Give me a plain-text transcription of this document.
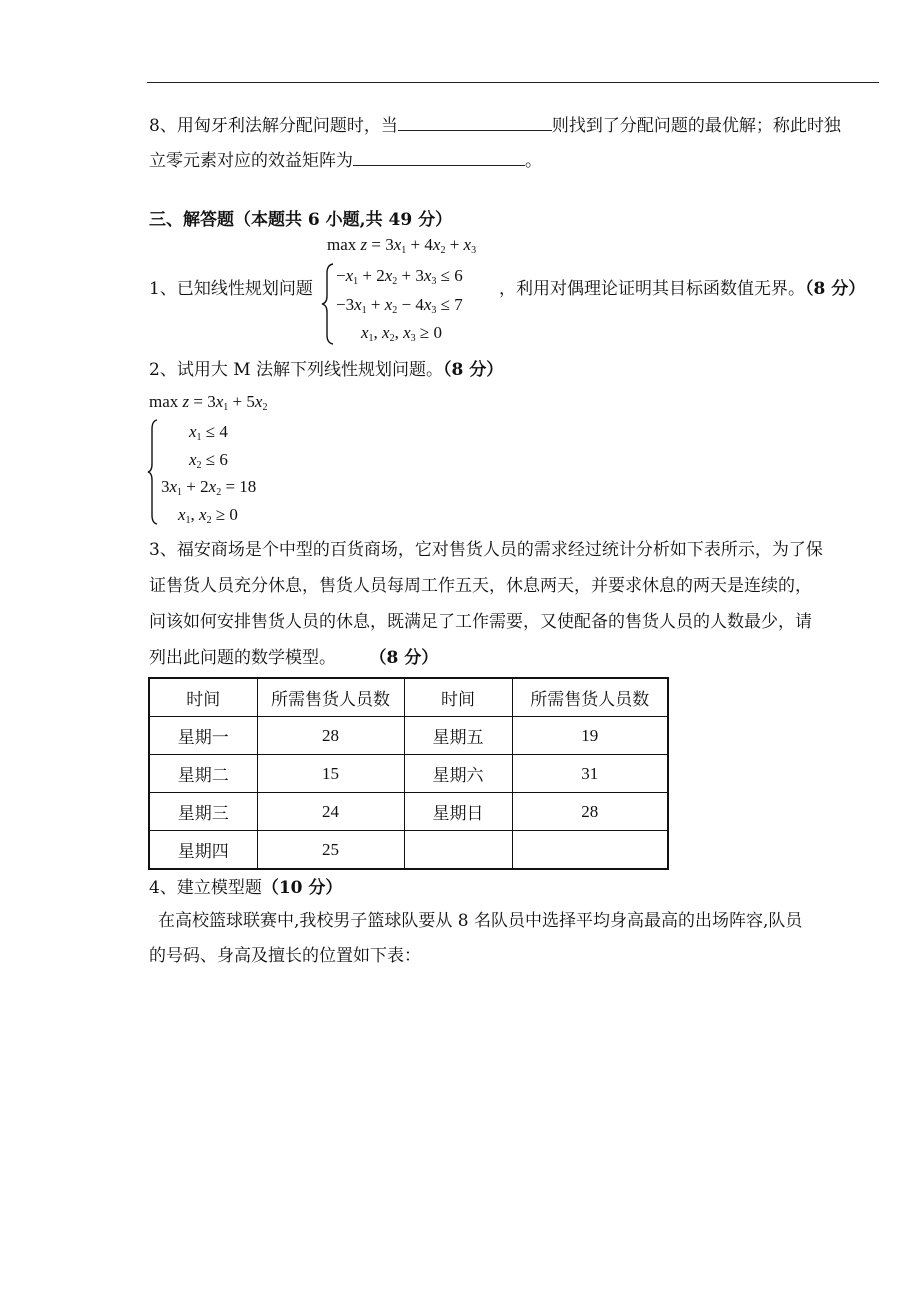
8、用匈牙利法解分配问题时，当	则找到了分配问题的最优解；称此时独
立零元素对应的效益矩阵为	。
三、解答题（本题共 6 小题,共 49 分）
$\max z = 3x_1 + 4x_2 + x_3$
1、已知线性规划问题
$-x_1 + 2x_2 + 3x_3 \le 6$
$-3x_1 + x_2 - 4x_3 \le 7$
$x_1$, $x_2$, $x_3 \ge 0$
，利用对偶理论证明其目标函数值无界。（8 分）
2、试用大 M 法解下列线性规划问题。（8 分）
$\max z = 3x_1 + 5x_2$
$x_1 \le 4$
$x_2 \le 6$
$3x_1 + 2x_2 = 18$
$x_1$, $x_2 \ge 0$
3、福安商场是个中型的百货商场，它对售货人员的需求经过统计分析如下表所示，为了保
证售货人员充分休息，售货人员每周工作五天，休息两天，并要求休息的两天是连续的，
问该如何安排售货人员的休息，既满足了工作需要，又使配备的售货人员的人数最少，请
列出此问题的数学模型。 （8 分）
时间	所需售货人员数	时间	所需售货人员数
星期一	28	星期五	19
星期二	15	星期六	31
星期三	24	星期日	28
星期四	25		
4、建立模型题（10 分）
在高校篮球联赛中,我校男子篮球队要从 8 名队员中选择平均身高最高的出场阵容,队员
的号码、身高及擅长的位置如下表：
